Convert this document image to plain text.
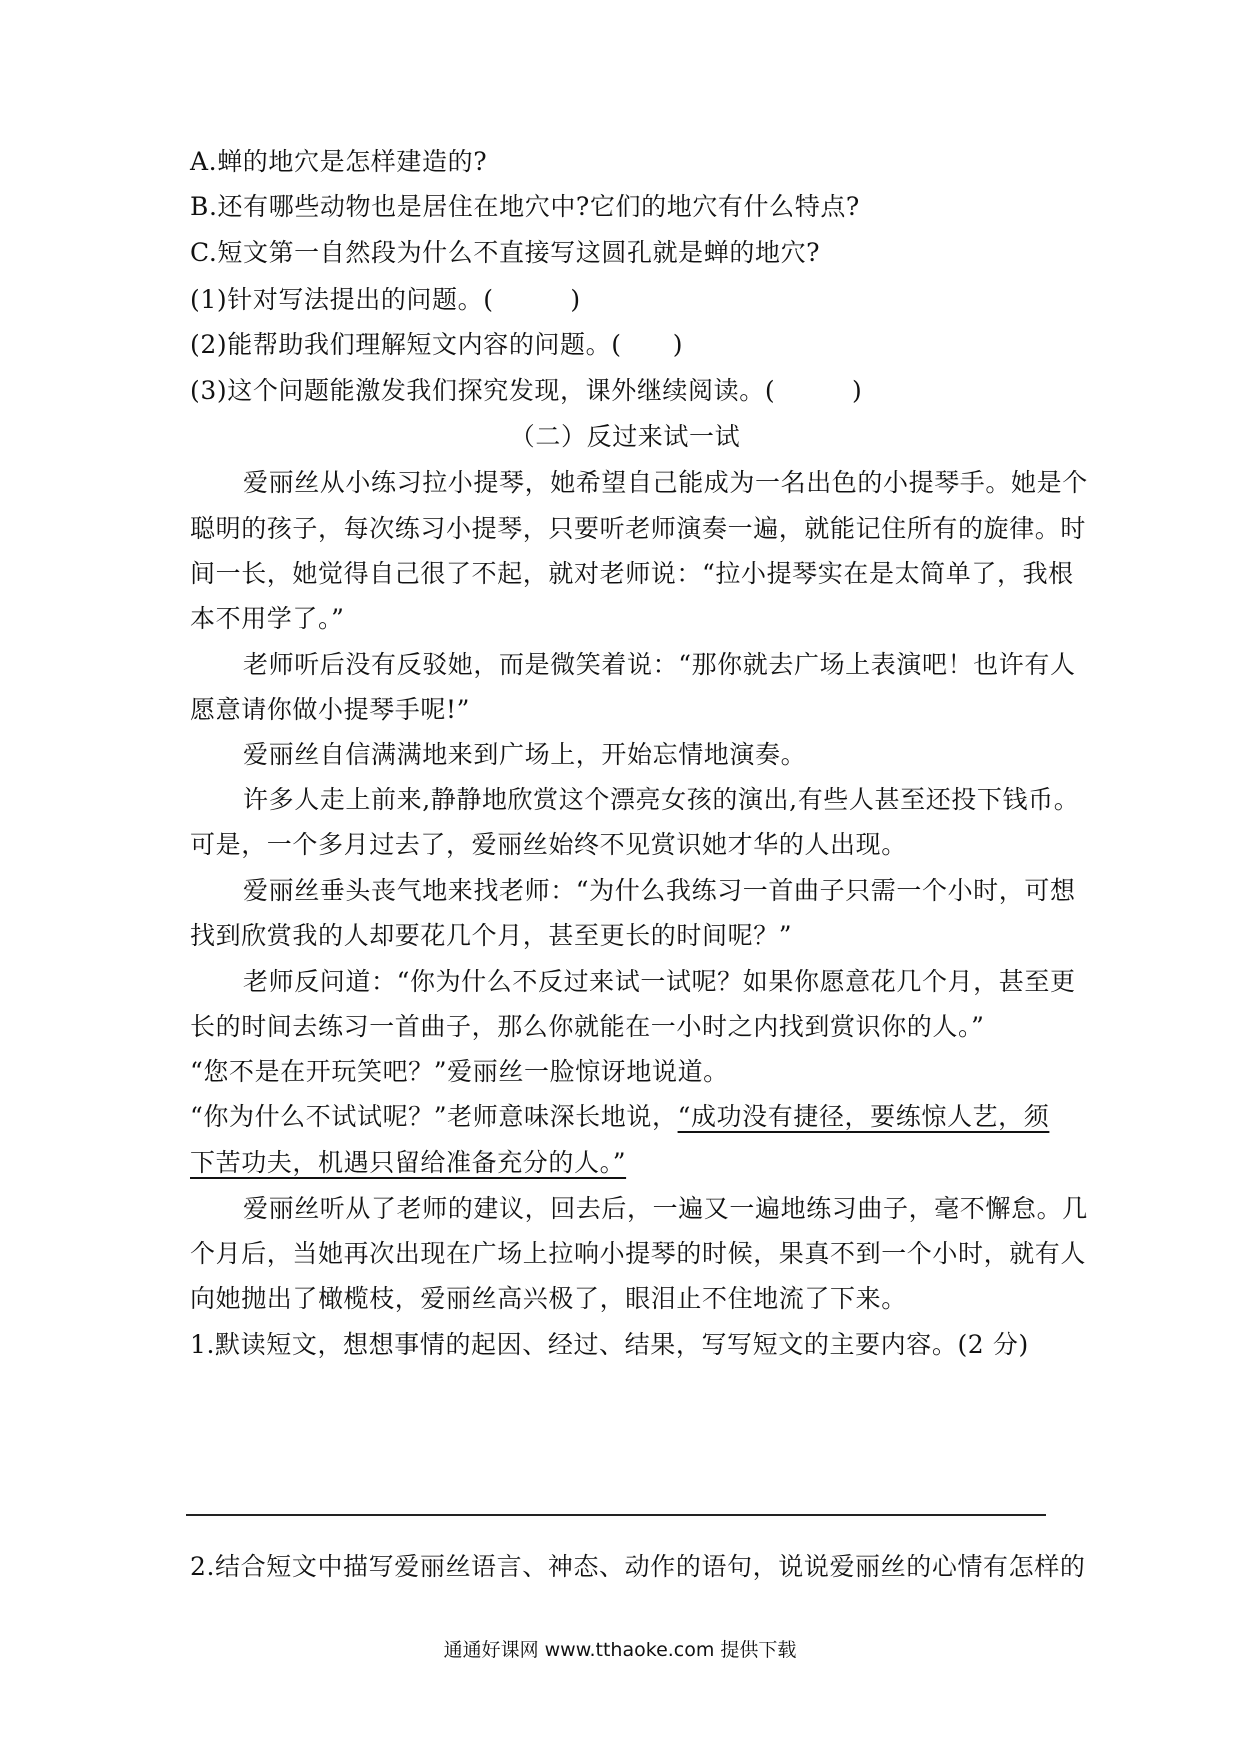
A.蝉的地穴是怎样建造的?
B.还有哪些动物也是居住在地穴中?它们的地穴有什么特点?
C.短文第一自然段为什么不直接写这圆孔就是蝉的地穴?
(1)针对写法提出的问题。(　　　)
(2)能帮助我们理解短文内容的问题。(　　)
(3)这个问题能激发我们探究发现，课外继续阅读。(　　　)
（二）反过来试一试
爱丽丝从小练习拉小提琴，她希望自己能成为一名出色的小提琴手。她是个
聪明的孩子，每次练习小提琴，只要听老师演奏一遍，就能记住所有的旋律。时
间一长，她觉得自己很了不起，就对老师说：“拉小提琴实在是太简单了，我根
本不用学了。”
老师听后没有反驳她，而是微笑着说：“那你就去广场上表演吧！也许有人
愿意请你做小提琴手呢!”
爱丽丝自信满满地来到广场上，开始忘情地演奏。
许多人走上前来,静静地欣赏这个漂亮女孩的演出,有些人甚至还投下钱币。
可是，一个多月过去了，爱丽丝始终不见赏识她才华的人出现。
爱丽丝垂头丧气地来找老师：“为什么我练习一首曲子只需一个小时，可想
找到欣赏我的人却要花几个月，甚至更长的时间呢？”
老师反问道：“你为什么不反过来试一试呢？如果你愿意花几个月，甚至更
长的时间去练习一首曲子，那么你就能在一小时之内找到赏识你的人。”
“您不是在开玩笑吧？”爱丽丝一脸惊讶地说道。
“你为什么不试试呢？”老师意味深长地说，“成功没有捷径，要练惊人艺，须
下苦功夫，机遇只留给准备充分的人。”
爱丽丝听从了老师的建议，回去后，一遍又一遍地练习曲子，毫不懈怠。几
个月后，当她再次出现在广场上拉响小提琴的时候，果真不到一个小时，就有人
向她抛出了橄榄枝，爱丽丝高兴极了，眼泪止不住地流了下来。
1.默读短文，想想事情的起因、经过、结果，写写短文的主要内容。(2 分)
2.结合短文中描写爱丽丝语言、神态、动作的语句，说说爱丽丝的心情有怎样的
通通好课网 www.tthaoke.com 提供下载
